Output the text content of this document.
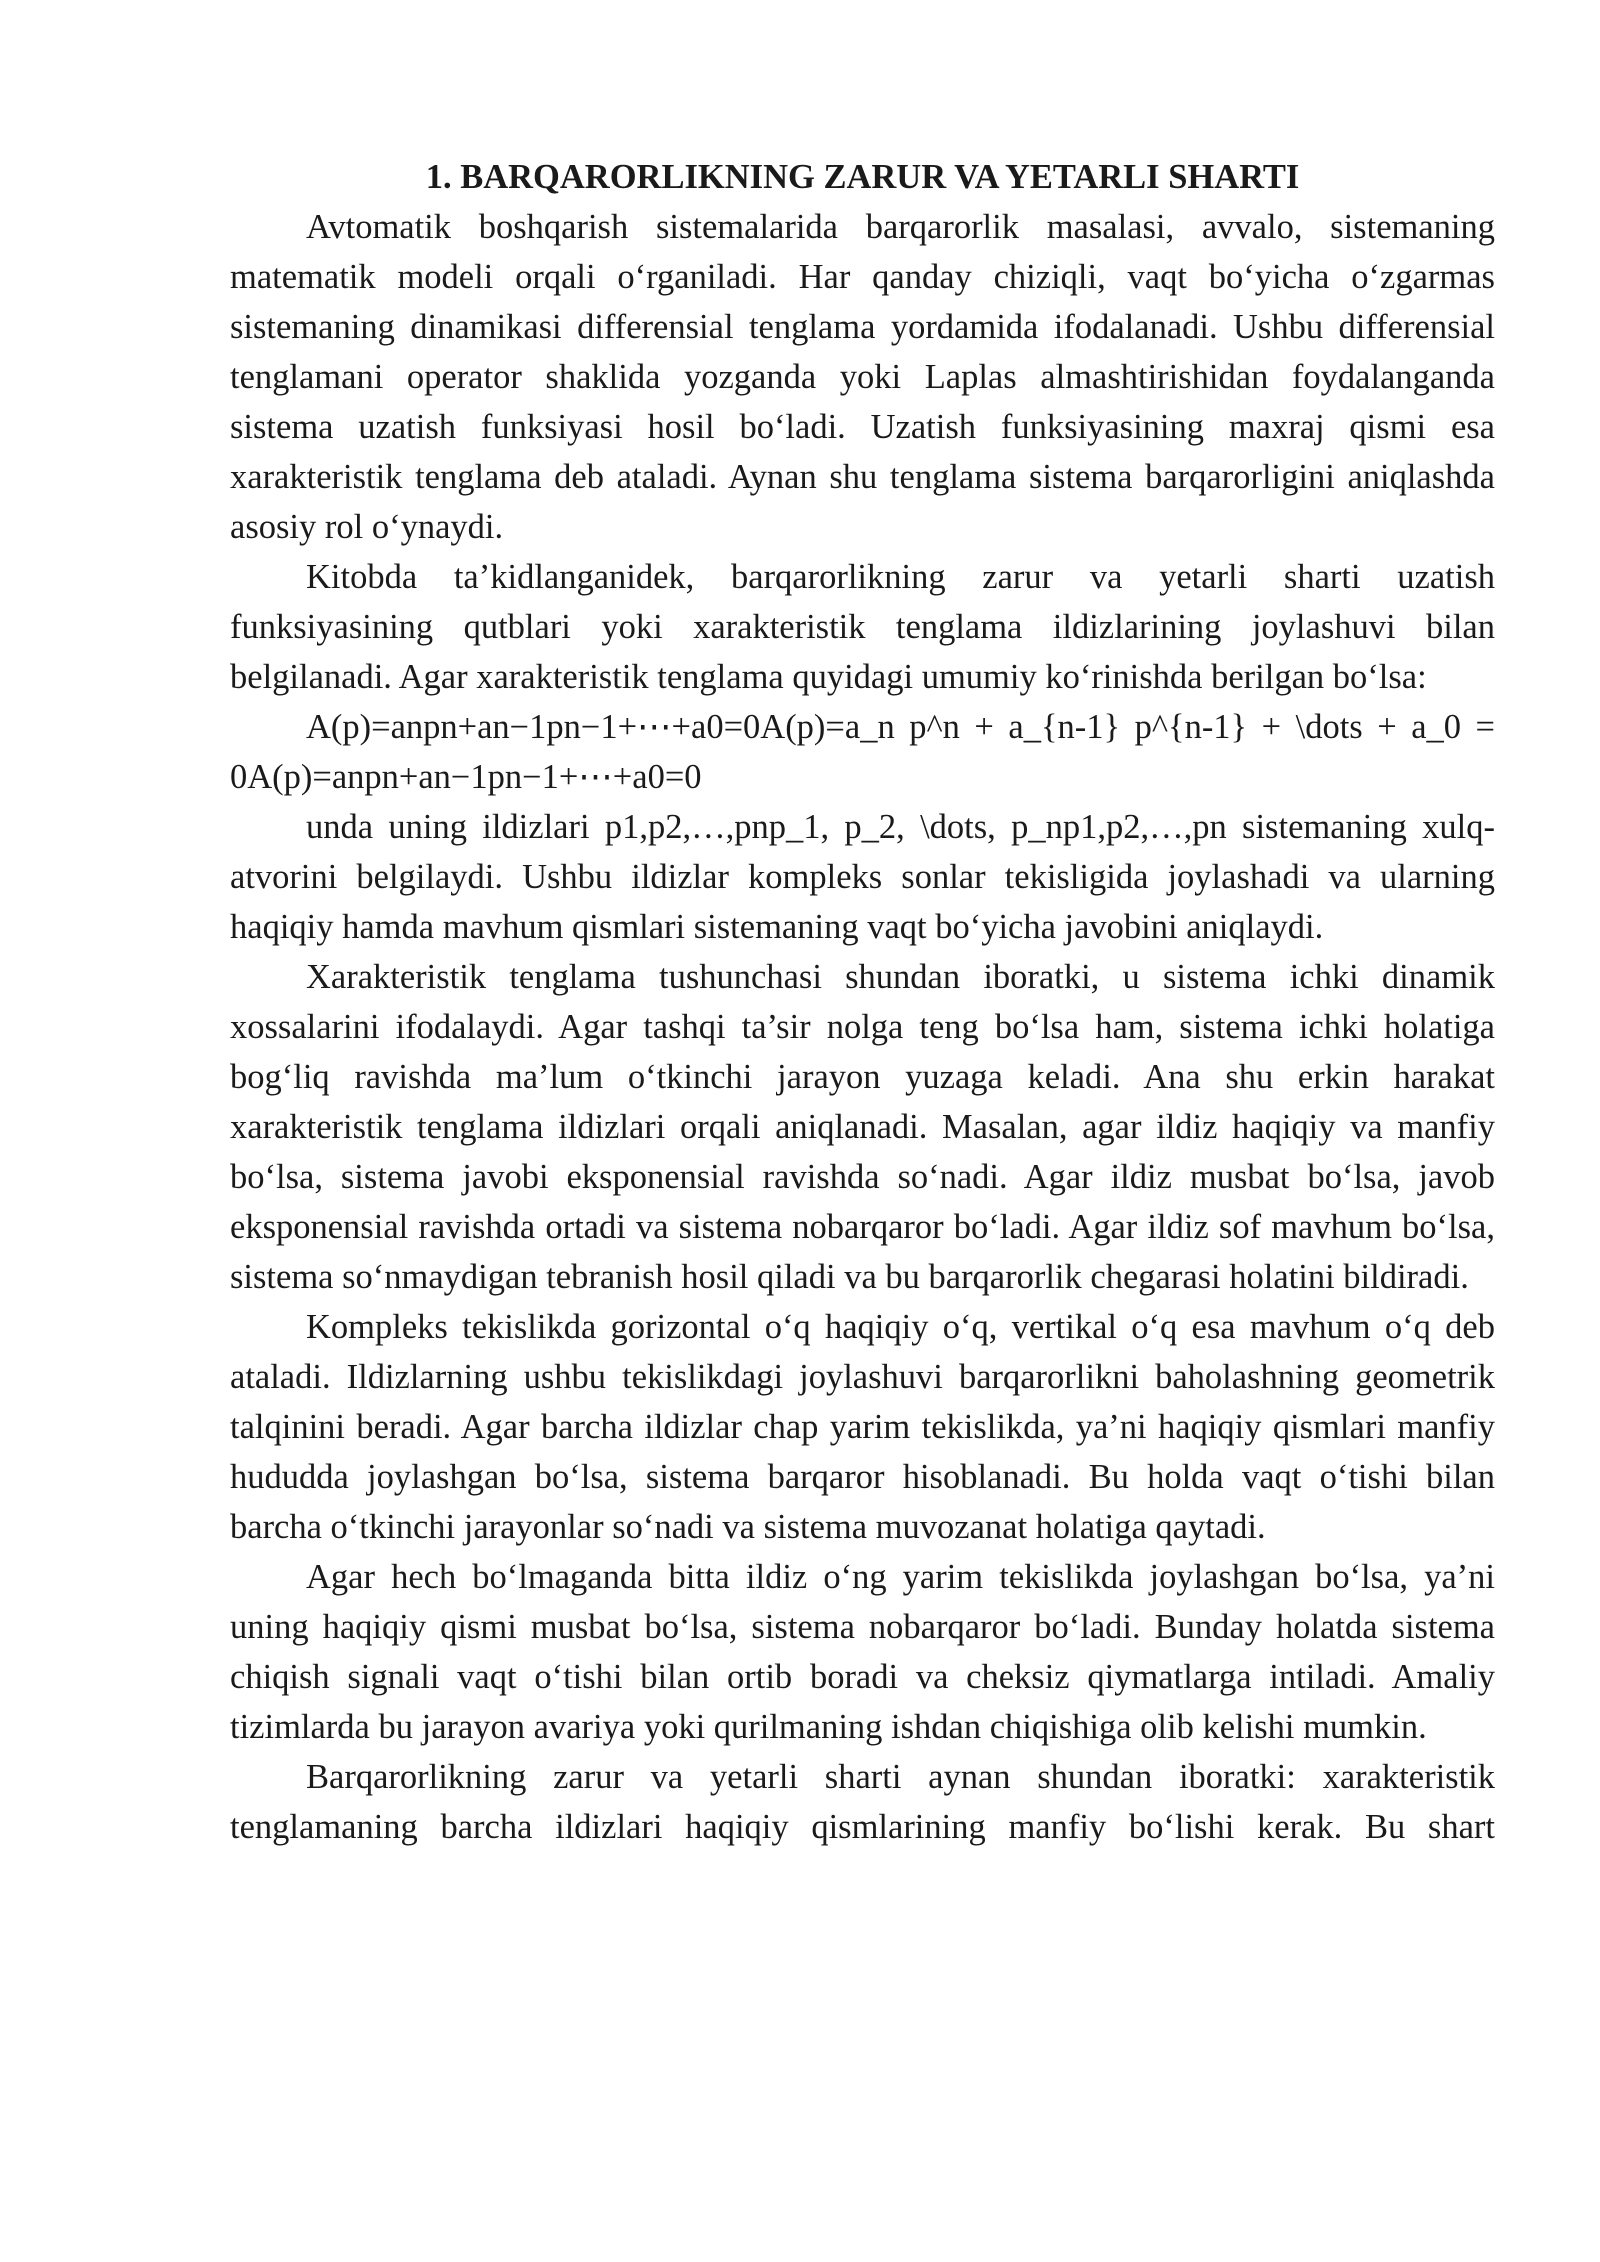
1. BARQARORLIKNING ZARUR VA YETARLI SHARTI

Avtomatik boshqarish sistemalarida barqarorlik masalasi, avvalo, sistemaning matematik modeli orqali o‘rganiladi. Har qanday chiziqli, vaqt bo‘yicha o‘zgarmas sistemaning dinamikasi differensial tenglama yordamida ifodalanadi. Ushbu differensial tenglamani operator shaklida yozganda yoki Laplas almashtirishidan foydalanganda sistema uzatish funksiyasi hosil bo‘ladi. Uzatish funksiyasining maxraj qismi esa xarakteristik tenglama deb ataladi. Aynan shu tenglama sistema barqarorligini aniqlashda asosiy rol o‘ynaydi.

Kitobda ta’kidlanganidek, barqarorlikning zarur va yetarli sharti uzatish funksiyasining qutblari yoki xarakteristik tenglama ildizlarining joylashuvi bilan belgilanadi. Agar xarakteristik tenglama quyidagi umumiy ko‘rinishda berilgan bo‘lsa:

A(p)=anpn+an−1pn−1+⋯+a0=0A(p)=a_n p^n + a_{n-1} p^{n-1} + \dots + a_0 = 0A(p)=anpn+an−1pn−1+⋯+a0=0

unda uning ildizlari p1,p2,…,pnp_1, p_2, \dots, p_np1,p2,…,pn sistemaning xulq-atvorini belgilaydi. Ushbu ildizlar kompleks sonlar tekisligida joylashadi va ularning haqiqiy hamda mavhum qismlari sistemaning vaqt bo‘yicha javobini aniqlaydi.

Xarakteristik tenglama tushunchasi shundan iboratki, u sistema ichki dinamik xossalarini ifodalaydi. Agar tashqi ta’sir nolga teng bo‘lsa ham, sistema ichki holatiga bog‘liq ravishda ma’lum o‘tkinchi jarayon yuzaga keladi. Ana shu erkin harakat xarakteristik tenglama ildizlari orqali aniqlanadi. Masalan, agar ildiz haqiqiy va manfiy bo‘lsa, sistema javobi eksponensial ravishda so‘nadi. Agar ildiz musbat bo‘lsa, javob eksponensial ravishda ortadi va sistema nobarqaror bo‘ladi. Agar ildiz sof mavhum bo‘lsa, sistema so‘nmaydigan tebranish hosil qiladi va bu barqarorlik chegarasi holatini bildiradi.

Kompleks tekislikda gorizontal o‘q haqiqiy o‘q, vertikal o‘q esa mavhum o‘q deb ataladi. Ildizlarning ushbu tekislikdagi joylashuvi barqarorlikni baholashning geometrik talqinini beradi. Agar barcha ildizlar chap yarim tekislikda, ya’ni haqiqiy qismlari manfiy hududda joylashgan bo‘lsa, sistema barqaror hisoblanadi. Bu holda vaqt o‘tishi bilan barcha o‘tkinchi jarayonlar so‘nadi va sistema muvozanat holatiga qaytadi.

Agar hech bo‘lmaganda bitta ildiz o‘ng yarim tekislikda joylashgan bo‘lsa, ya’ni uning haqiqiy qismi musbat bo‘lsa, sistema nobarqaror bo‘ladi. Bunday holatda sistema chiqish signali vaqt o‘tishi bilan ortib boradi va cheksiz qiymatlarga intiladi. Amaliy tizimlarda bu jarayon avariya yoki qurilmaning ishdan chiqishiga olib kelishi mumkin.

Barqarorlikning zarur va yetarli sharti aynan shundan iboratki: xarakteristik tenglamaning barcha ildizlari haqiqiy qismlarining manfiy bo‘lishi kerak. Bu shart
